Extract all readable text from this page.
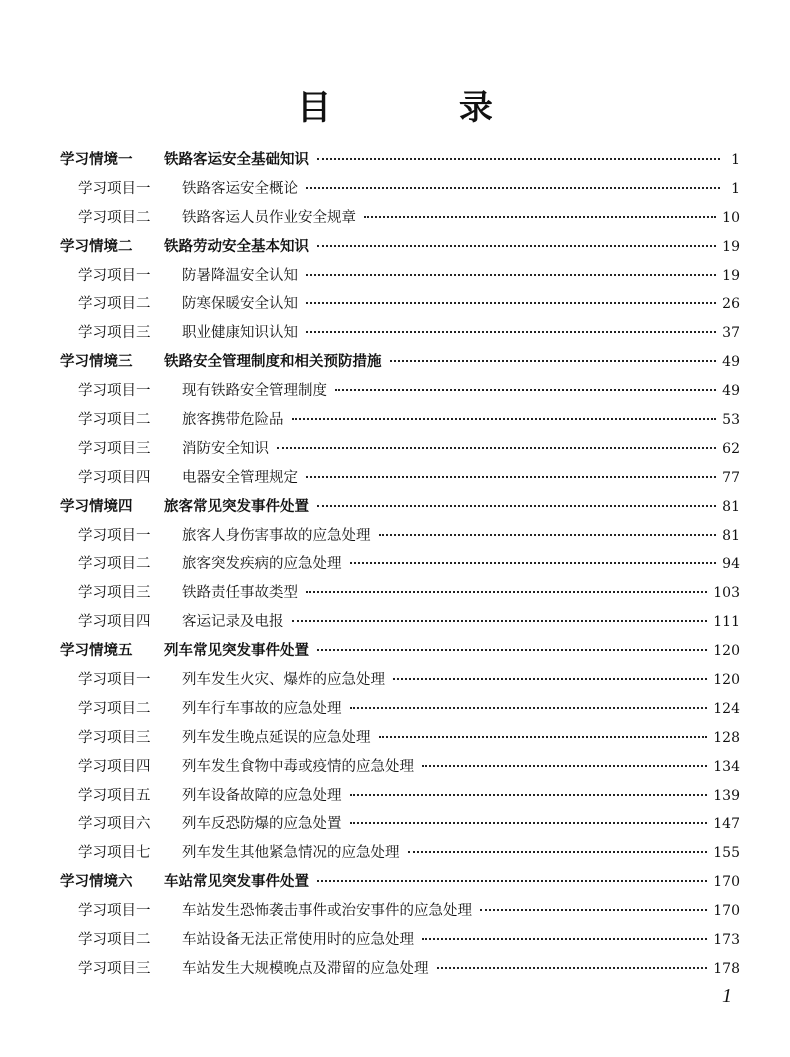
目 录
学习情境一	铁路客运安全基础知识	1
学习项目一	铁路客运安全概论	1
学习项目二	铁路客运人员作业安全规章	10
学习情境二	铁路劳动安全基本知识	19
学习项目一	防暑降温安全认知	19
学习项目二	防寒保暖安全认知	26
学习项目三	职业健康知识认知	37
学习情境三	铁路安全管理制度和相关预防措施	49
学习项目一	现有铁路安全管理制度	49
学习项目二	旅客携带危险品	53
学习项目三	消防安全知识	62
学习项目四	电器安全管理规定	77
学习情境四	旅客常见突发事件处置	81
学习项目一	旅客人身伤害事故的应急处理	81
学习项目二	旅客突发疾病的应急处理	94
学习项目三	铁路责任事故类型	103
学习项目四	客运记录及电报	111
学习情境五	列车常见突发事件处置	120
学习项目一	列车发生火灾、爆炸的应急处理	120
学习项目二	列车行车事故的应急处理	124
学习项目三	列车发生晚点延误的应急处理	128
学习项目四	列车发生食物中毒或疫情的应急处理	134
学习项目五	列车设备故障的应急处理	139
学习项目六	列车反恐防爆的应急处置	147
学习项目七	列车发生其他紧急情况的应急处理	155
学习情境六	车站常见突发事件处置	170
学习项目一	车站发生恐怖袭击事件或治安事件的应急处理	170
学习项目二	车站设备无法正常使用时的应急处理	173
学习项目三	车站发生大规模晚点及滞留的应急处理	178
1
